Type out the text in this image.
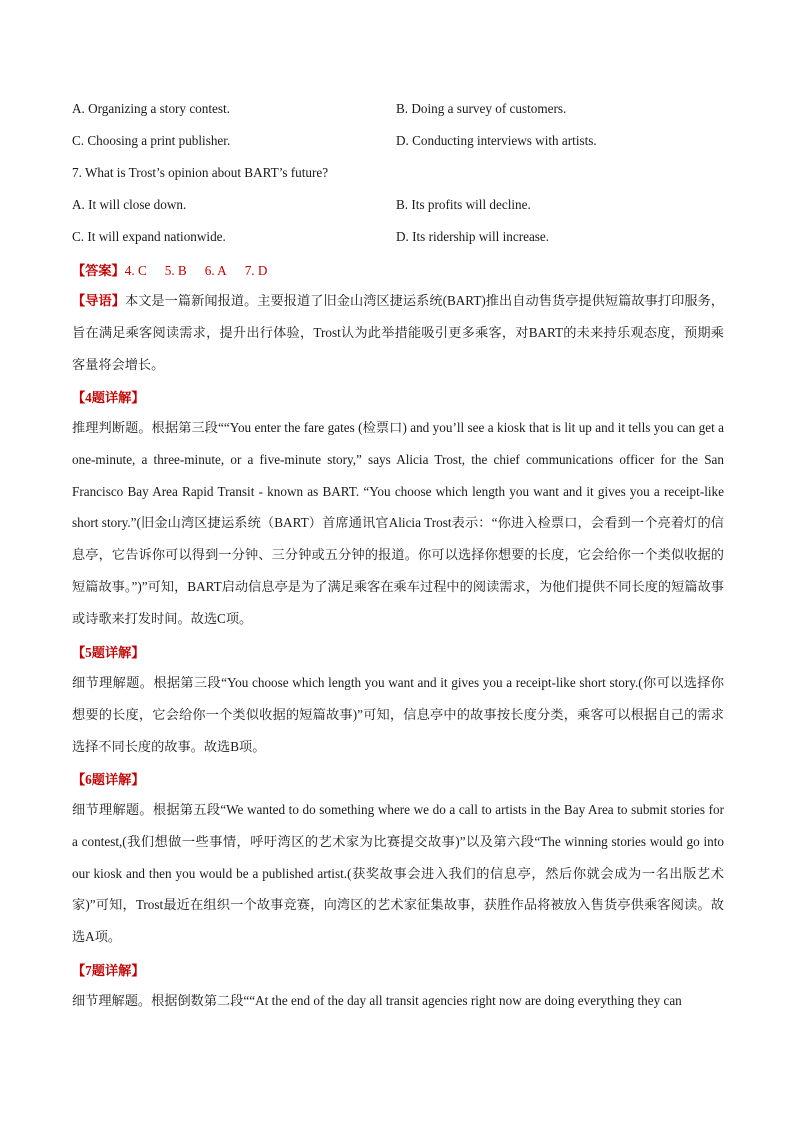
A. Organizing a story contest.	B. Doing a survey of customers.
C. Choosing a print publisher.	D. Conducting interviews with artists.
7. What is Trost’s opinion about BART’s future?
A. It will close down.	B. Its profits will decline.
C. It will expand nationwide.	D. Its ridership will increase.
【答案】4. C 5. B 6. A 7. D
【导语】本文是一篇新闻报道。主要报道了旧金山湾区捷运系统(BART)推出自动售货亭提供短篇故事打印服务，旨在满足乘客阅读需求，提升出行体验，Trost认为此举措能吸引更多乘客，对BART的未来持乐观态度，预期乘客量将会增长。
【4题详解】
推理判断题。根据第三段““You enter the fare gates (检票口) and you’ll see a kiosk that is lit up and it tells you can get a one-minute, a three-minute, or a five-minute story,” says Alicia Trost, the chief communications officer for the San Francisco Bay Area Rapid Transit - known as BART. “You choose which length you want and it gives you a receipt-like short story.”(旧金山湾区捷运系统（BART）首席通讯官Alicia Trost表示：“你进入检票口，会看到一个亮着灯的信息亭，它告诉你可以得到一分钟、三分钟或五分钟的报道。你可以选择你想要的长度，它会给你一个类似收据的短篇故事。”)”可知，BART启动信息亭是为了满足乘客在乘车过程中的阅读需求，为他们提供不同长度的短篇故事或诗歌来打发时间。故选C项。
【5题详解】
细节理解题。根据第三段“You choose which length you want and it gives you a receipt-like short story.(你可以选择你想要的长度，它会给你一个类似收据的短篇故事)”可知，信息亭中的故事按长度分类，乘客可以根据自己的需求选择不同长度的故事。故选B项。
【6题详解】
细节理解题。根据第五段“We wanted to do something where we do a call to artists in the Bay Area to submit stories for a contest,(我们想做一些事情，呼吁湾区的艺术家为比赛提交故事)”以及第六段“The winning stories would go into our kiosk and then you would be a published artist.(获奖故事会进入我们的信息亭，然后你就会成为一名出版艺术家)”可知，Trost最近在组织一个故事竞赛，向湾区的艺术家征集故事，获胜作品将被放入售货亭供乘客阅读。故选A项。
【7题详解】
细节理解题。根据倒数第二段““At the end of the day all transit agencies right now are doing everything they can
